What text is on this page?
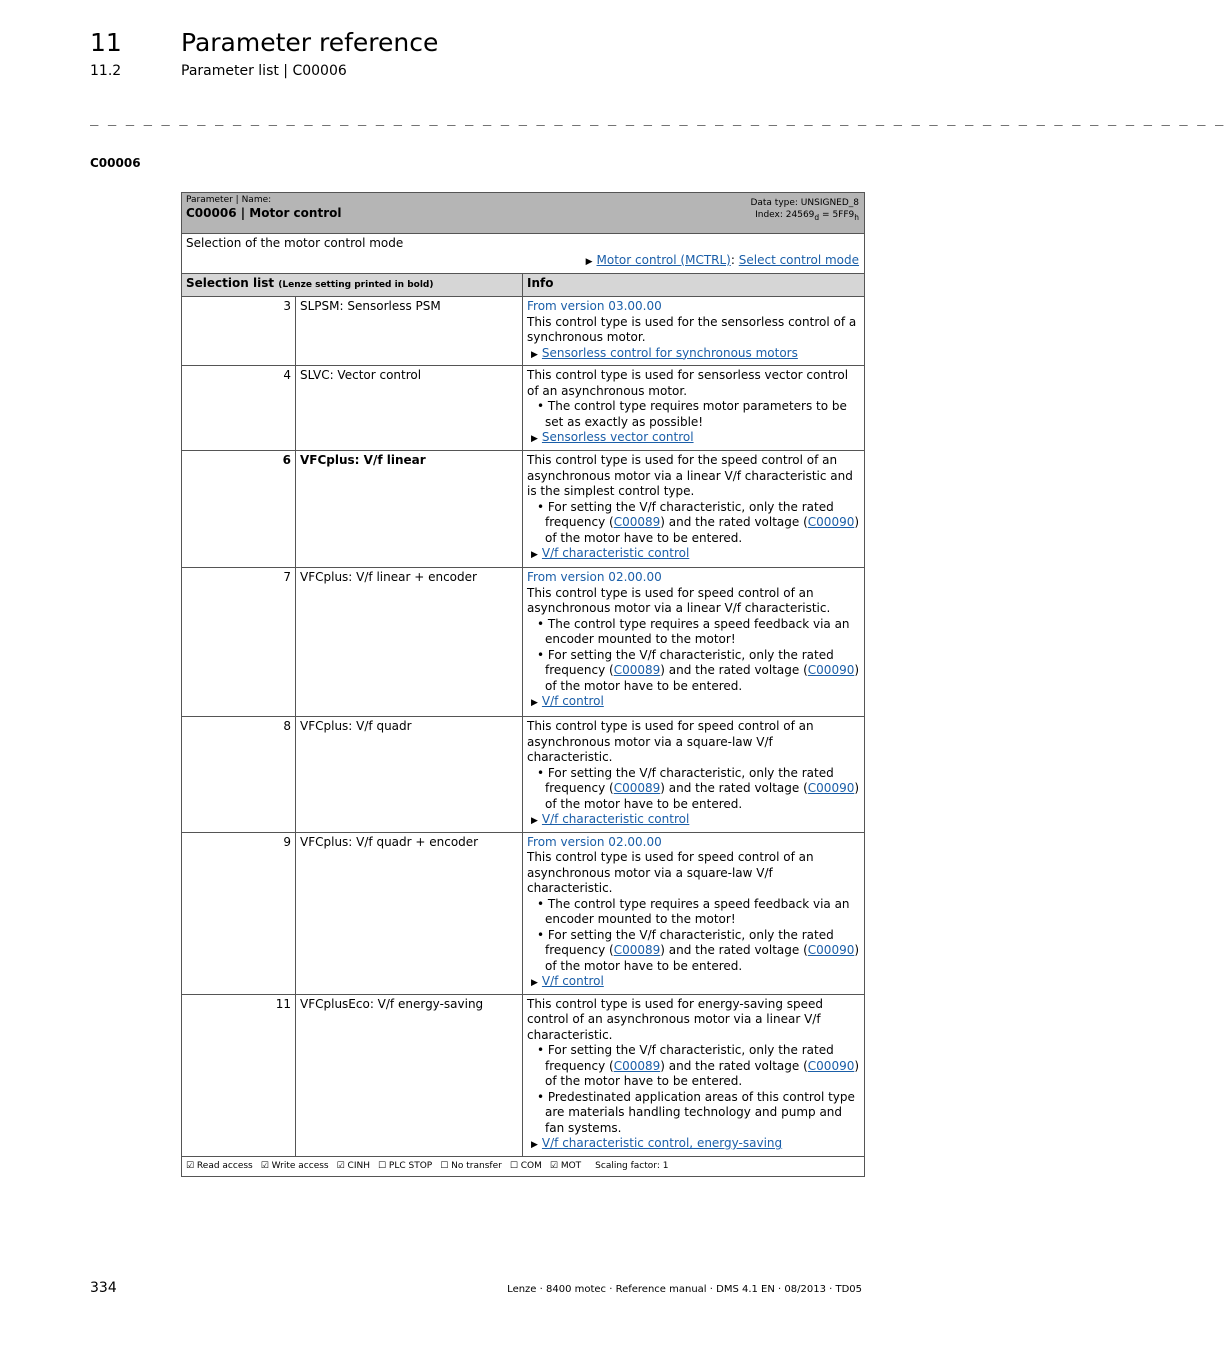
11 Parameter reference
11.2	Parameter list | C00006
_ _ _ _ _ _ _ _ _ _ _ _ _ _ _ _ _ _ _ _ _ _ _ _ _ _ _ _ _ _ _ _ _ _ _ _ _ _ _ _ _ _ _ _ _ _ _ _ _ _ _ _ _ _ _ _ _ _ _ _ _ _ _ _
C00006
Parameter | Name:
C00006 | Motor control
Data type: UNSIGNED_8
Index: $24569_d = 5FF9_h$

Selection of the motor control mode
▶ Motor control (MCTRL): Select control mode		

Selection list (Lenze setting printed in bold)		Info
3	SLPSM: Sensorless PSM	From version 03.00.00
This control type is used for the sensorless control of a synchronous motor.
▶ Sensorless control for synchronous motors

4	SLVC: Vector control	This control type is used for sensorless vector control of an asynchronous motor.
• The control type requires motor parameters to be set as exactly as possible!
▶ Sensorless vector control

6	VFCplus: V/f linear	This control type is used for the speed control of an asynchronous motor via a linear V/f characteristic and is the simplest control type.
• For setting the V/f characteristic, only the rated frequency (C00089) and the rated voltage (C00090) of the motor have to be entered.
▶ V/f characteristic control

7	VFCplus: V/f linear + encoder	From version 02.00.00
This control type is used for speed control of an asynchronous motor via a linear V/f characteristic.
• The control type requires a speed feedback via an encoder mounted to the motor!
• For setting the V/f characteristic, only the rated frequency (C00089) and the rated voltage (C00090) of the motor have to be entered.
▶ V/f control

8	VFCplus: V/f quadr	This control type is used for speed control of an asynchronous motor via a square-law V/f characteristic.
• For setting the V/f characteristic, only the rated frequency (C00089) and the rated voltage (C00090) of the motor have to be entered.
▶ V/f characteristic control

9	VFCplus: V/f quadr + encoder	From version 02.00.00
This control type is used for speed control of an asynchronous motor via a square-law V/f characteristic.
• The control type requires a speed feedback via an encoder mounted to the motor!
• For setting the V/f characteristic, only the rated frequency (C00089) and the rated voltage (C00090) of the motor have to be entered.
▶ V/f control

11	VFCplusEco: V/f energy-saving	This control type is used for energy-saving speed control of an asynchronous motor via a linear V/f characteristic.
• For setting the V/f characteristic, only the rated frequency (C00089) and the rated voltage (C00090) of the motor have to be entered.
• Predestinated application areas of this control type are materials handling technology and pump and fan systems.
▶ V/f characteristic control, energy-saving

☑ Read access ☑ Write access ☑ CINH ☐ PLC STOP ☐ No transfer ☐ COM ☑ MOT Scaling factor: 1		
334	Lenze · 8400 motec · Reference manual · DMS 4.1 EN · 08/2013 · TD05
